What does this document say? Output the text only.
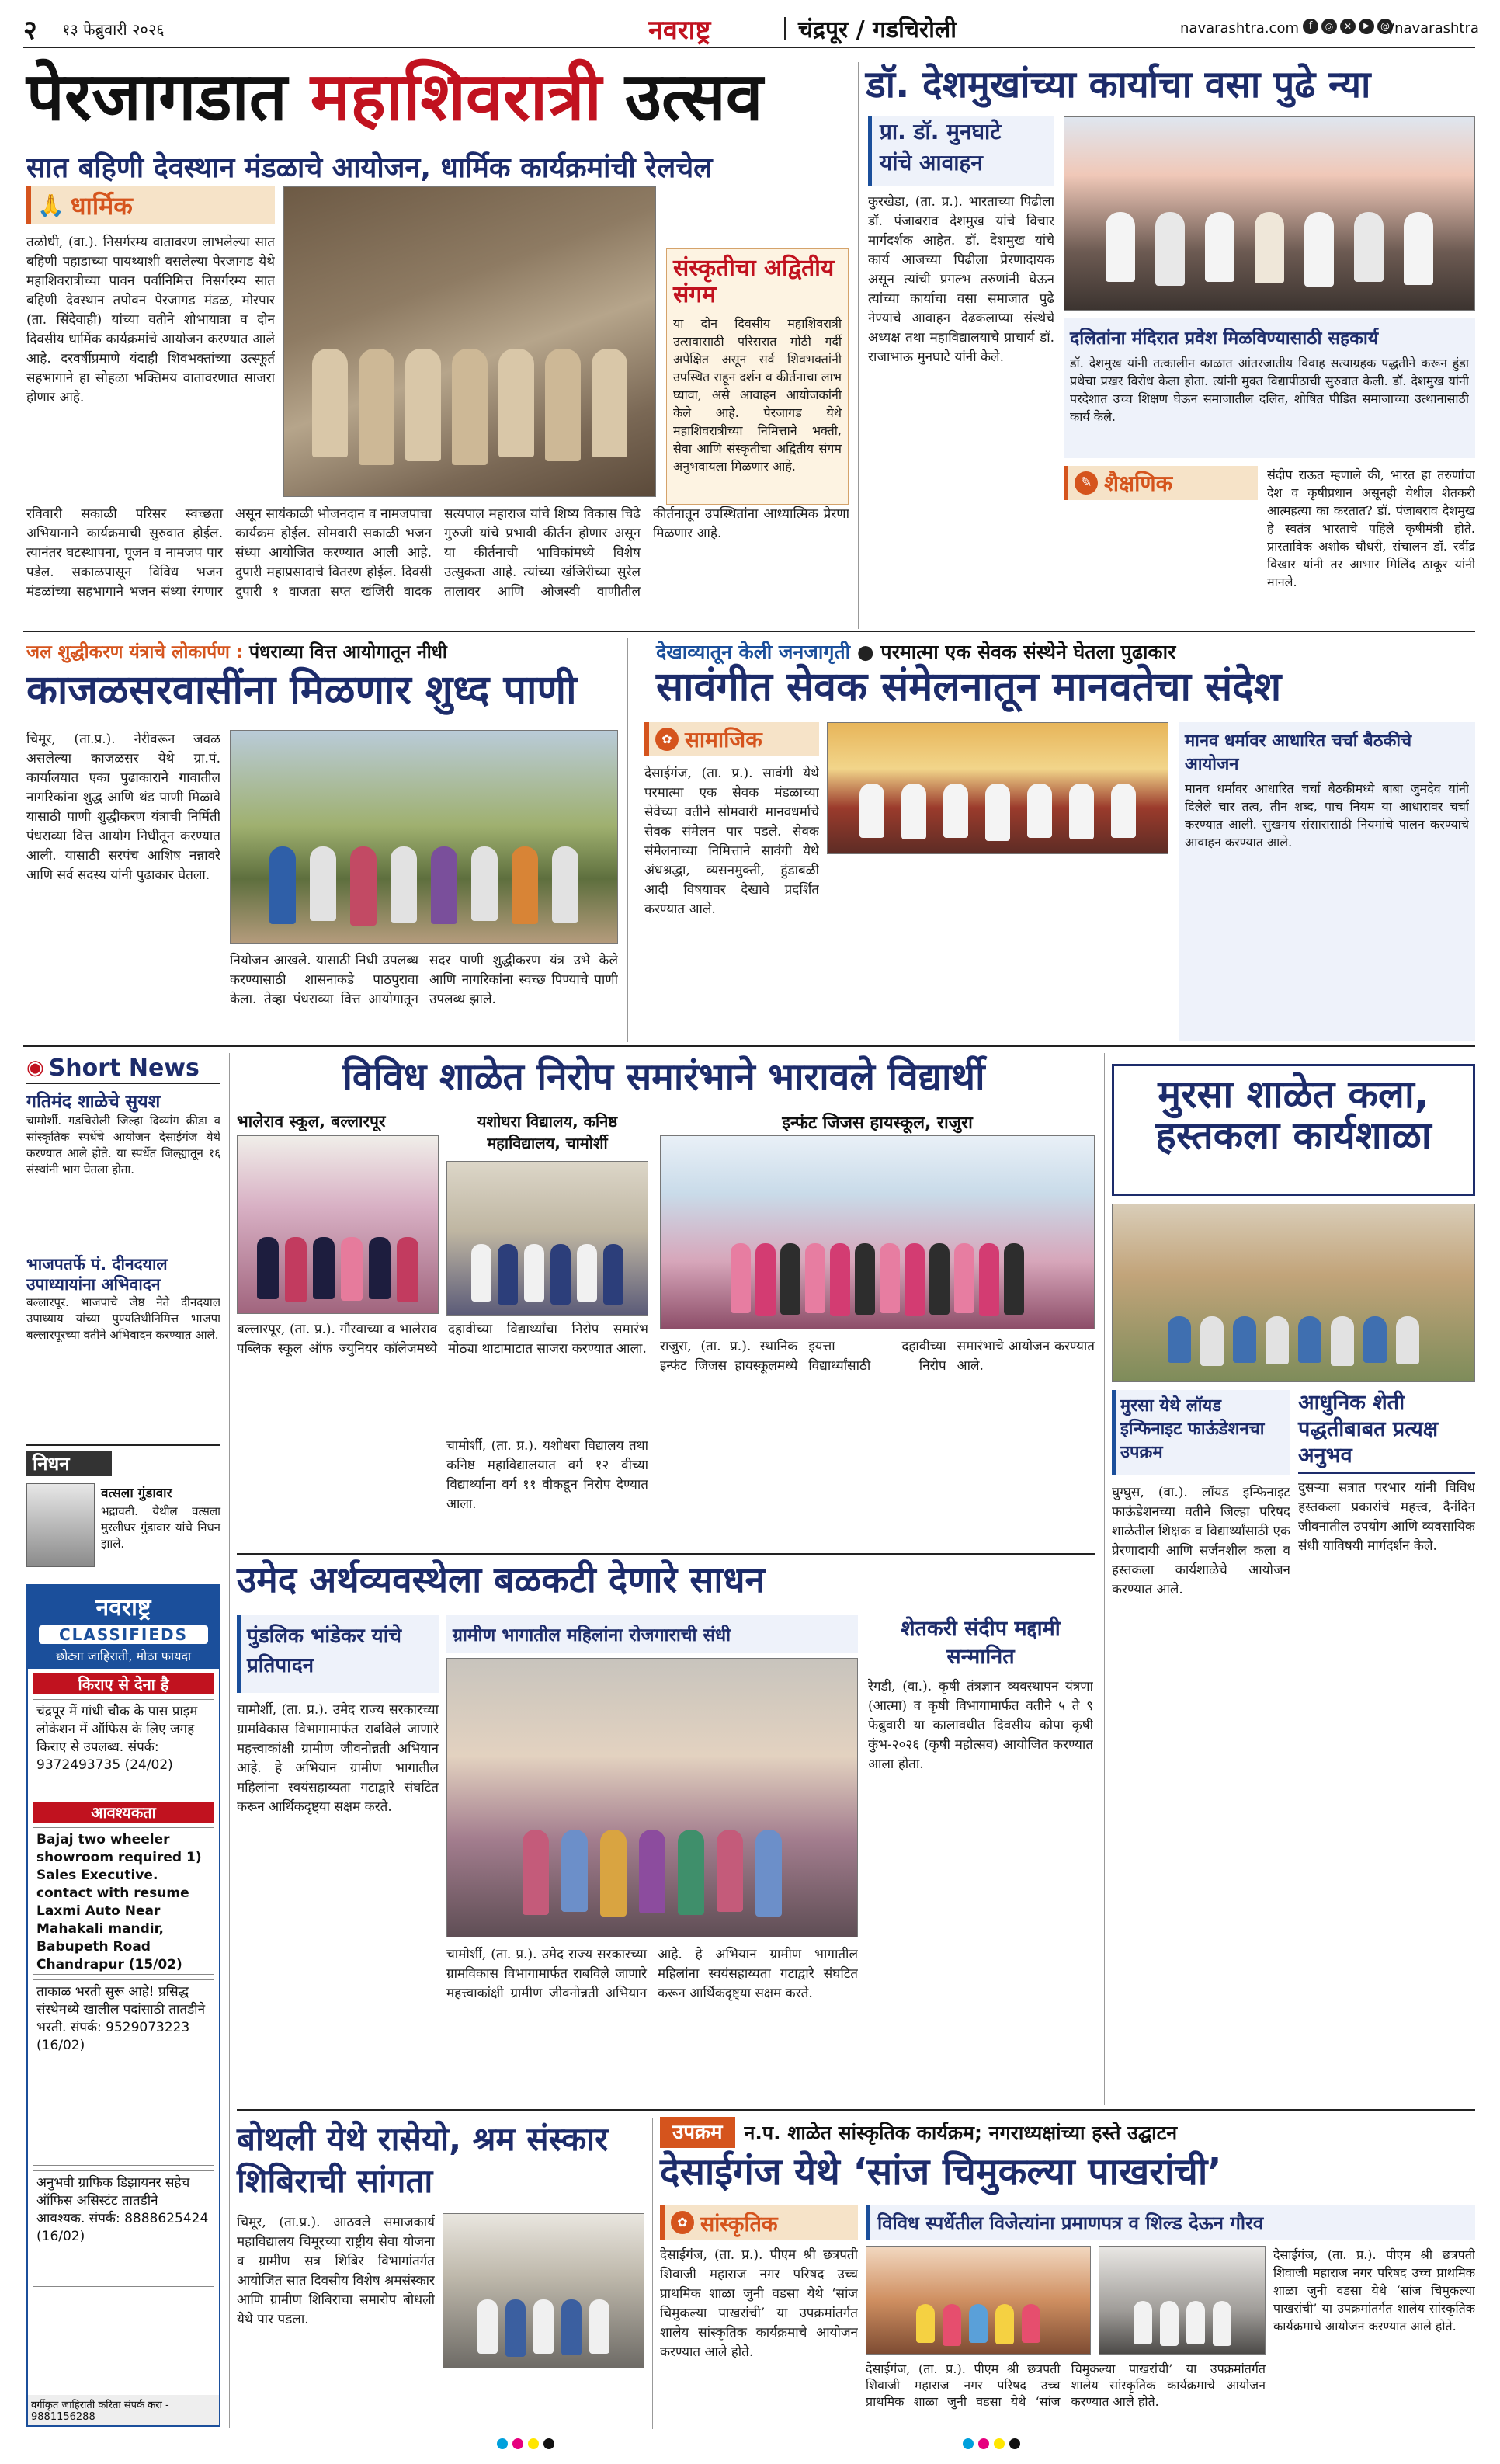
२ १३ फेब्रुवारी २०२६	नवराष्ट्र	चंद्रपूर / गडचिरोली	navarashtra.com f	◎	✕	▶	@ /navarashtra
पेरजागडात महाशिवरात्री उत्सव
सात बहिणी देवस्थान मंडळाचे आयोजन, धार्मिक कार्यक्रमांची रेलचेल
🙏 धार्मिक
तळोधी, (वा.). निसर्गरम्य वातावरण लाभलेल्या सात बहिणी पहाडाच्या पायथ्याशी वसलेल्या पेरजागड येथे महाशिवरात्रीच्या पावन पर्वानिमित्त निसर्गरम्य सात बहिणी देवस्थान तपोवन पेरजागड मंडळ, मोरपार (ता. सिंदेवाही) यांच्या वतीने शोभायात्रा व दोन दिवसीय धार्मिक कार्यक्रमांचे आयोजन करण्यात आले आहे. दरवर्षीप्रमाणे यंदाही शिवभक्तांच्या उत्स्फूर्त सहभागाने हा सोहळा भक्तिमय वातावरणात साजरा होणार आहे.
संस्कृतीचा अद्वितीय संगम
या दोन दिवसीय महाशिवरात्री उत्सवासाठी परिसरात मोठी गर्दी अपेक्षित असून सर्व शिवभक्तांनी उपस्थित राहून दर्शन व कीर्तनाचा लाभ घ्यावा, असे आवाहन आयोजकांनी केले आहे. पेरजागड येथे महाशिवरात्रीच्या निमित्ताने भक्ती, सेवा आणि संस्कृतीचा अद्वितीय संगम अनुभवायला मिळणार आहे.
रविवारी सकाळी परिसर स्वच्छता अभियानाने कार्यक्रमाची सुरुवात होईल. त्यानंतर घटस्थापना, पूजन व नामजप पार पडेल. सकाळपासून विविध भजन मंडळांच्या सहभागाने भजन संध्या रंगणार असून सायंकाळी भोजनदान व नामजपाचा कार्यक्रम होईल. सोमवारी सकाळी भजन संध्या आयोजित करण्यात आली आहे. दुपारी महाप्रसादाचे वितरण होईल. दिवसी दुपारी १ वाजता सप्त खंजिरी वादक सत्यपाल महाराज यांचे शिष्य विकास चिढे गुरुजी यांचे प्रभावी कीर्तन होणार असून या कीर्तनाची भाविकांमध्ये विशेष उत्सुकता आहे. त्यांच्या खंजिरीच्या सुरेल तालावर आणि ओजस्वी वाणीतील कीर्तनातून उपस्थितांना आध्यात्मिक प्रेरणा मिळणार आहे.
डॉ. देशमुखांच्या कार्याचा वसा पुढे न्या
प्रा. डॉ. मुनघाटे
यांचे आवाहन
कुरखेडा, (ता. प्र.). भारताच्या पिढीला डॉ. पंजाबराव देशमुख यांचे विचार मार्गदर्शक आहेत. डॉ. देशमुख यांचे कार्य आजच्या पिढीला प्रेरणादायक असून त्यांची प्रगल्भ तरुणांनी घेऊन त्यांच्या कार्याचा वसा समाजात पुढे नेण्याचे आवाहन देढकलाप्या संस्थेचे अध्यक्ष तथा महाविद्यालयाचे प्राचार्य डॉ. राजाभाऊ मुनघाटे यांनी केले.
दलितांना मंदिरात प्रवेश मिळविण्यासाठी सहकार्य
डॉ. देशमुख यांनी तत्कालीन काळात आंतरजातीय विवाह सत्याग्रहक पद्धतीने करून हुंडा प्रथेचा प्रखर विरोध केला होता. त्यांनी मुक्त विद्यापीठाची सुरुवात केली. डॉ. देशमुख यांनी परदेशात उच्च शिक्षण घेऊन समाजातील दलित, शोषित पीडित समाजाच्या उत्थानासाठी कार्य केले.
✎ शैक्षणिक	संदीप राऊत म्हणाले की, भारत हा तरुणांचा देश व कृषीप्रधान असूनही येथील शेतकरी आत्महत्या का करतात? डॉ. पंजाबराव देशमुख हे स्वतंत्र भारताचे पहिले कृषीमंत्री होते. प्रास्ताविक अशोक चौधरी, संचालन डॉ. रवींद्र विखार यांनी तर आभार मिलिंद ठाकूर यांनी मानले.
जल शुद्धीकरण यंत्राचे लोकार्पण : पंधराव्या वित्त आयोगातून नीधी
काजळसरवासींना मिळणार शुध्द पाणी
चिमूर, (ता.प्र.). नेरीवरून जवळ असलेल्या काजळसर येथे ग्रा.पं. कार्यालयात एका पुढाकाराने गावातील नागरिकांना शुद्ध आणि थंड पाणी मिळावे यासाठी पाणी शुद्धीकरण यंत्राची निर्मिती पंधराव्या वित्त आयोग निधीतून करण्यात आली. यासाठी सरपंच आशिष नन्नावरे आणि सर्व सदस्य यांनी पुढाकार घेतला.
नियोजन आखले. यासाठी निधी उपलब्ध करण्यासाठी शासनाकडे पाठपुरावा केला. तेव्हा पंधराव्या वित्त आयोगातून सदर पाणी शुद्धीकरण यंत्र उभे केले आणि नागरिकांना स्वच्छ पिण्याचे पाणी उपलब्ध झाले.
देखाव्यातून केली जनजागृती ● परमात्मा एक सेवक संस्थेने घेतला पुढाकार
सावंगीत सेवक संमेलनातून मानवतेचा संदेश
✿ सामाजिक
देसाईगंज, (ता. प्र.). सावंगी येथे परमात्मा एक सेवक मंडळाच्या सेवेच्या वतीने सोमवारी मानवधर्माचे सेवक संमेलन पार पडले. सेवक संमेलनाच्या निमित्ताने सावंगी येथे अंधश्रद्धा, व्यसनमुक्ती, हुंडाबळी आदी विषयावर देखावे प्रदर्शित करण्यात आले.
मानव धर्मावर आधारित चर्चा बैठकीचे आयोजन
मानव धर्मावर आधारित चर्चा बैठकीमध्ये बाबा जुमदेव यांनी दिलेले चार तत्व, तीन शब्द, पाच नियम या आधारावर चर्चा करण्यात आली. सुखमय संसारासाठी नियमांचे पालन करण्याचे आवाहन करण्यात आले.
◉ Short News
गतिमंद शाळेचे सुयश
चामोर्शी. गडचिरोली जिल्हा दिव्यांग क्रीडा व सांस्कृतिक स्पर्धेचे आयोजन देसाईगंज येथे करण्यात आले होते. या स्पर्धेत जिल्ह्यातून १६ संस्थांनी भाग घेतला होता.
भाजपतर्फे पं. दीनदयाल उपाध्यायांना अभिवादन
बल्लारपूर. भाजपाचे जेष्ठ नेते दीनदयाल उपाध्याय यांच्या पुण्यतिथीनिमित्त भाजपा बल्लारपूरच्या वतीने अभिवादन करण्यात आले.
निधन
वत्सला गुंडावार
भद्रावती. येथील वत्सला मुरलीधर गुंडावार यांचे निधन झाले.
नवराष्ट्र
CLASSIFIEDS
छोट्या जाहिराती, मोठा फायदा
किराए से देना है
चंद्रपूर में गांधी चौक के पास प्राइम लोकेशन में ऑफिस के लिए जगह किराए से उपलब्ध. संपर्क: 9372493735 (24/02)
आवश्यकता
Bajaj two wheeler showroom required 1) Sales Executive. contact with resume Laxmi Auto Near Mahakali mandir, Babupeth Road Chandrapur (15/02)
ताकाळ भरती सुरू आहे! प्रसिद्ध संस्थेमध्ये खालील पदांसाठी तातडीने भरती. संपर्क: 9529073223 (16/02)
अनुभवी ग्राफिक डिझायनर सहेच ऑफिस असिस्टंट तातडीने आवश्यक. संपर्क: 8888625424 (16/02)
वर्गीकृत जाहिराती करिता संपर्क करा - 9881156288
विविध शाळेत निरोप समारंभाने भारावले विद्यार्थी
भालेराव स्कूल, बल्लारपूर
बल्लारपूर, (ता. प्र.). गौरवाच्या व भालेराव पब्लिक स्कूल ऑफ ज्युनियर कॉलेजमध्ये दहावीच्या विद्यार्थ्यांचा निरोप समारंभ मोठ्या थाटामाटात साजरा करण्यात आला.
यशोधरा विद्यालय, कनिष्ठ महाविद्यालय, चामोर्शी
चामोर्शी, (ता. प्र.). यशोधरा विद्यालय तथा कनिष्ठ महाविद्यालयात वर्ग १२ वीच्या विद्यार्थ्यांना वर्ग ११ वीकडून निरोप देण्यात आला.
इन्फंट जिजस हायस्कूल, राजुरा
राजुरा, (ता. प्र.). स्थानिक इन्फंट जिजस हायस्कूलमध्ये इयत्ता दहावीच्या विद्यार्थ्यांसाठी निरोप समारंभाचे आयोजन करण्यात आले.
मुरसा शाळेत कला, हस्तकला कार्यशाळा
मुरसा येथे लॉयड इन्फिनाइट फाऊंडेशनचा उपक्रम
घुग्घुस, (वा.). लॉयड इन्फिनाइट फाऊंडेशनच्या वतीने जिल्हा परिषद शाळेतील शिक्षक व विद्यार्थ्यांसाठी एक प्रेरणादायी आणि सर्जनशील कला व हस्तकला कार्यशाळेचे आयोजन करण्यात आले.
आधुनिक शेती पद्धतीबाबत प्रत्यक्ष अनुभव
दुसऱ्या सत्रात परभार यांनी विविध हस्तकला प्रकारांचे महत्त्व, दैनंदिन जीवनातील उपयोग आणि व्यवसायिक संधी याविषयी मार्गदर्शन केले.
उमेद अर्थव्यवस्थेला बळकटी देणारे साधन
पुंडलिक भांडेकर यांचे प्रतिपादन
चामोर्शी, (ता. प्र.). उमेद राज्य सरकारच्या ग्रामविकास विभागामार्फत राबविले जाणारे महत्त्वाकांक्षी ग्रामीण जीवनोन्नती अभियान आहे. हे अभियान ग्रामीण भागातील महिलांना स्वयंसहाय्यता गटाद्वारे संघटित करून आर्थिकदृष्ट्या सक्षम करते.
ग्रामीण भागातील महिलांना रोजगाराची संधी
चामोर्शी, (ता. प्र.). उमेद राज्य सरकारच्या ग्रामविकास विभागामार्फत राबविले जाणारे महत्त्वाकांक्षी ग्रामीण जीवनोन्नती अभियान आहे. हे अभियान ग्रामीण भागातील महिलांना स्वयंसहाय्यता गटाद्वारे संघटित करून आर्थिकदृष्ट्या सक्षम करते.
शेतकरी संदीप मद्दामी सन्मानित
रेगडी, (वा.). कृषी तंत्रज्ञान व्यवस्थापन यंत्रणा (आत्मा) व कृषी विभागामार्फत वतीने ५ ते ९ फेब्रुवारी या कालावधीत दिवसीय कोपा कृषी कुंभ-२०२६ (कृषी महोत्सव) आयोजित करण्यात आला होता.
बोथली येथे रासेयो, श्रम संस्कार शिबिराची सांगता
चिमूर, (ता.प्र.). आठवले समाजकार्य महाविद्यालय चिमूरच्या राष्ट्रीय सेवा योजना व ग्रामीण सत्र शिबिर विभागांतर्गत आयोजित सात दिवसीय विशेष श्रमसंस्कार आणि ग्रामीण शिबिराचा समारोप बोथली येथे पार पडला.
उपक्रम	न.प. शाळेत सांस्कृतिक कार्यक्रम; नगराध्यक्षांच्या हस्ते उद्घाटन
देसाईगंज येथे ‘सांज चिमुकल्या पाखरांची’
✿ सांस्कृतिक	विविध स्पर्धेतील विजेत्यांना प्रमाणपत्र व शिल्ड देऊन गौरव
देसाईगंज, (ता. प्र.). पीएम श्री छत्रपती शिवाजी महाराज नगर परिषद उच्च प्राथमिक शाळा जुनी वडसा येथे ‘सांज चिमुकल्या पाखरांची’ या उपक्रमांतर्गत शालेय सांस्कृतिक कार्यक्रमाचे आयोजन करण्यात आले होते.
देसाईगंज, (ता. प्र.). पीएम श्री छत्रपती शिवाजी महाराज नगर परिषद उच्च प्राथमिक शाळा जुनी वडसा येथे ‘सांज चिमुकल्या पाखरांची’ या उपक्रमांतर्गत शालेय सांस्कृतिक कार्यक्रमाचे आयोजन करण्यात आले होते.
देसाईगंज, (ता. प्र.). पीएम श्री छत्रपती शिवाजी महाराज नगर परिषद उच्च प्राथमिक शाळा जुनी वडसा येथे ‘सांज चिमुकल्या पाखरांची’ या उपक्रमांतर्गत शालेय सांस्कृतिक कार्यक्रमाचे आयोजन करण्यात आले होते.
